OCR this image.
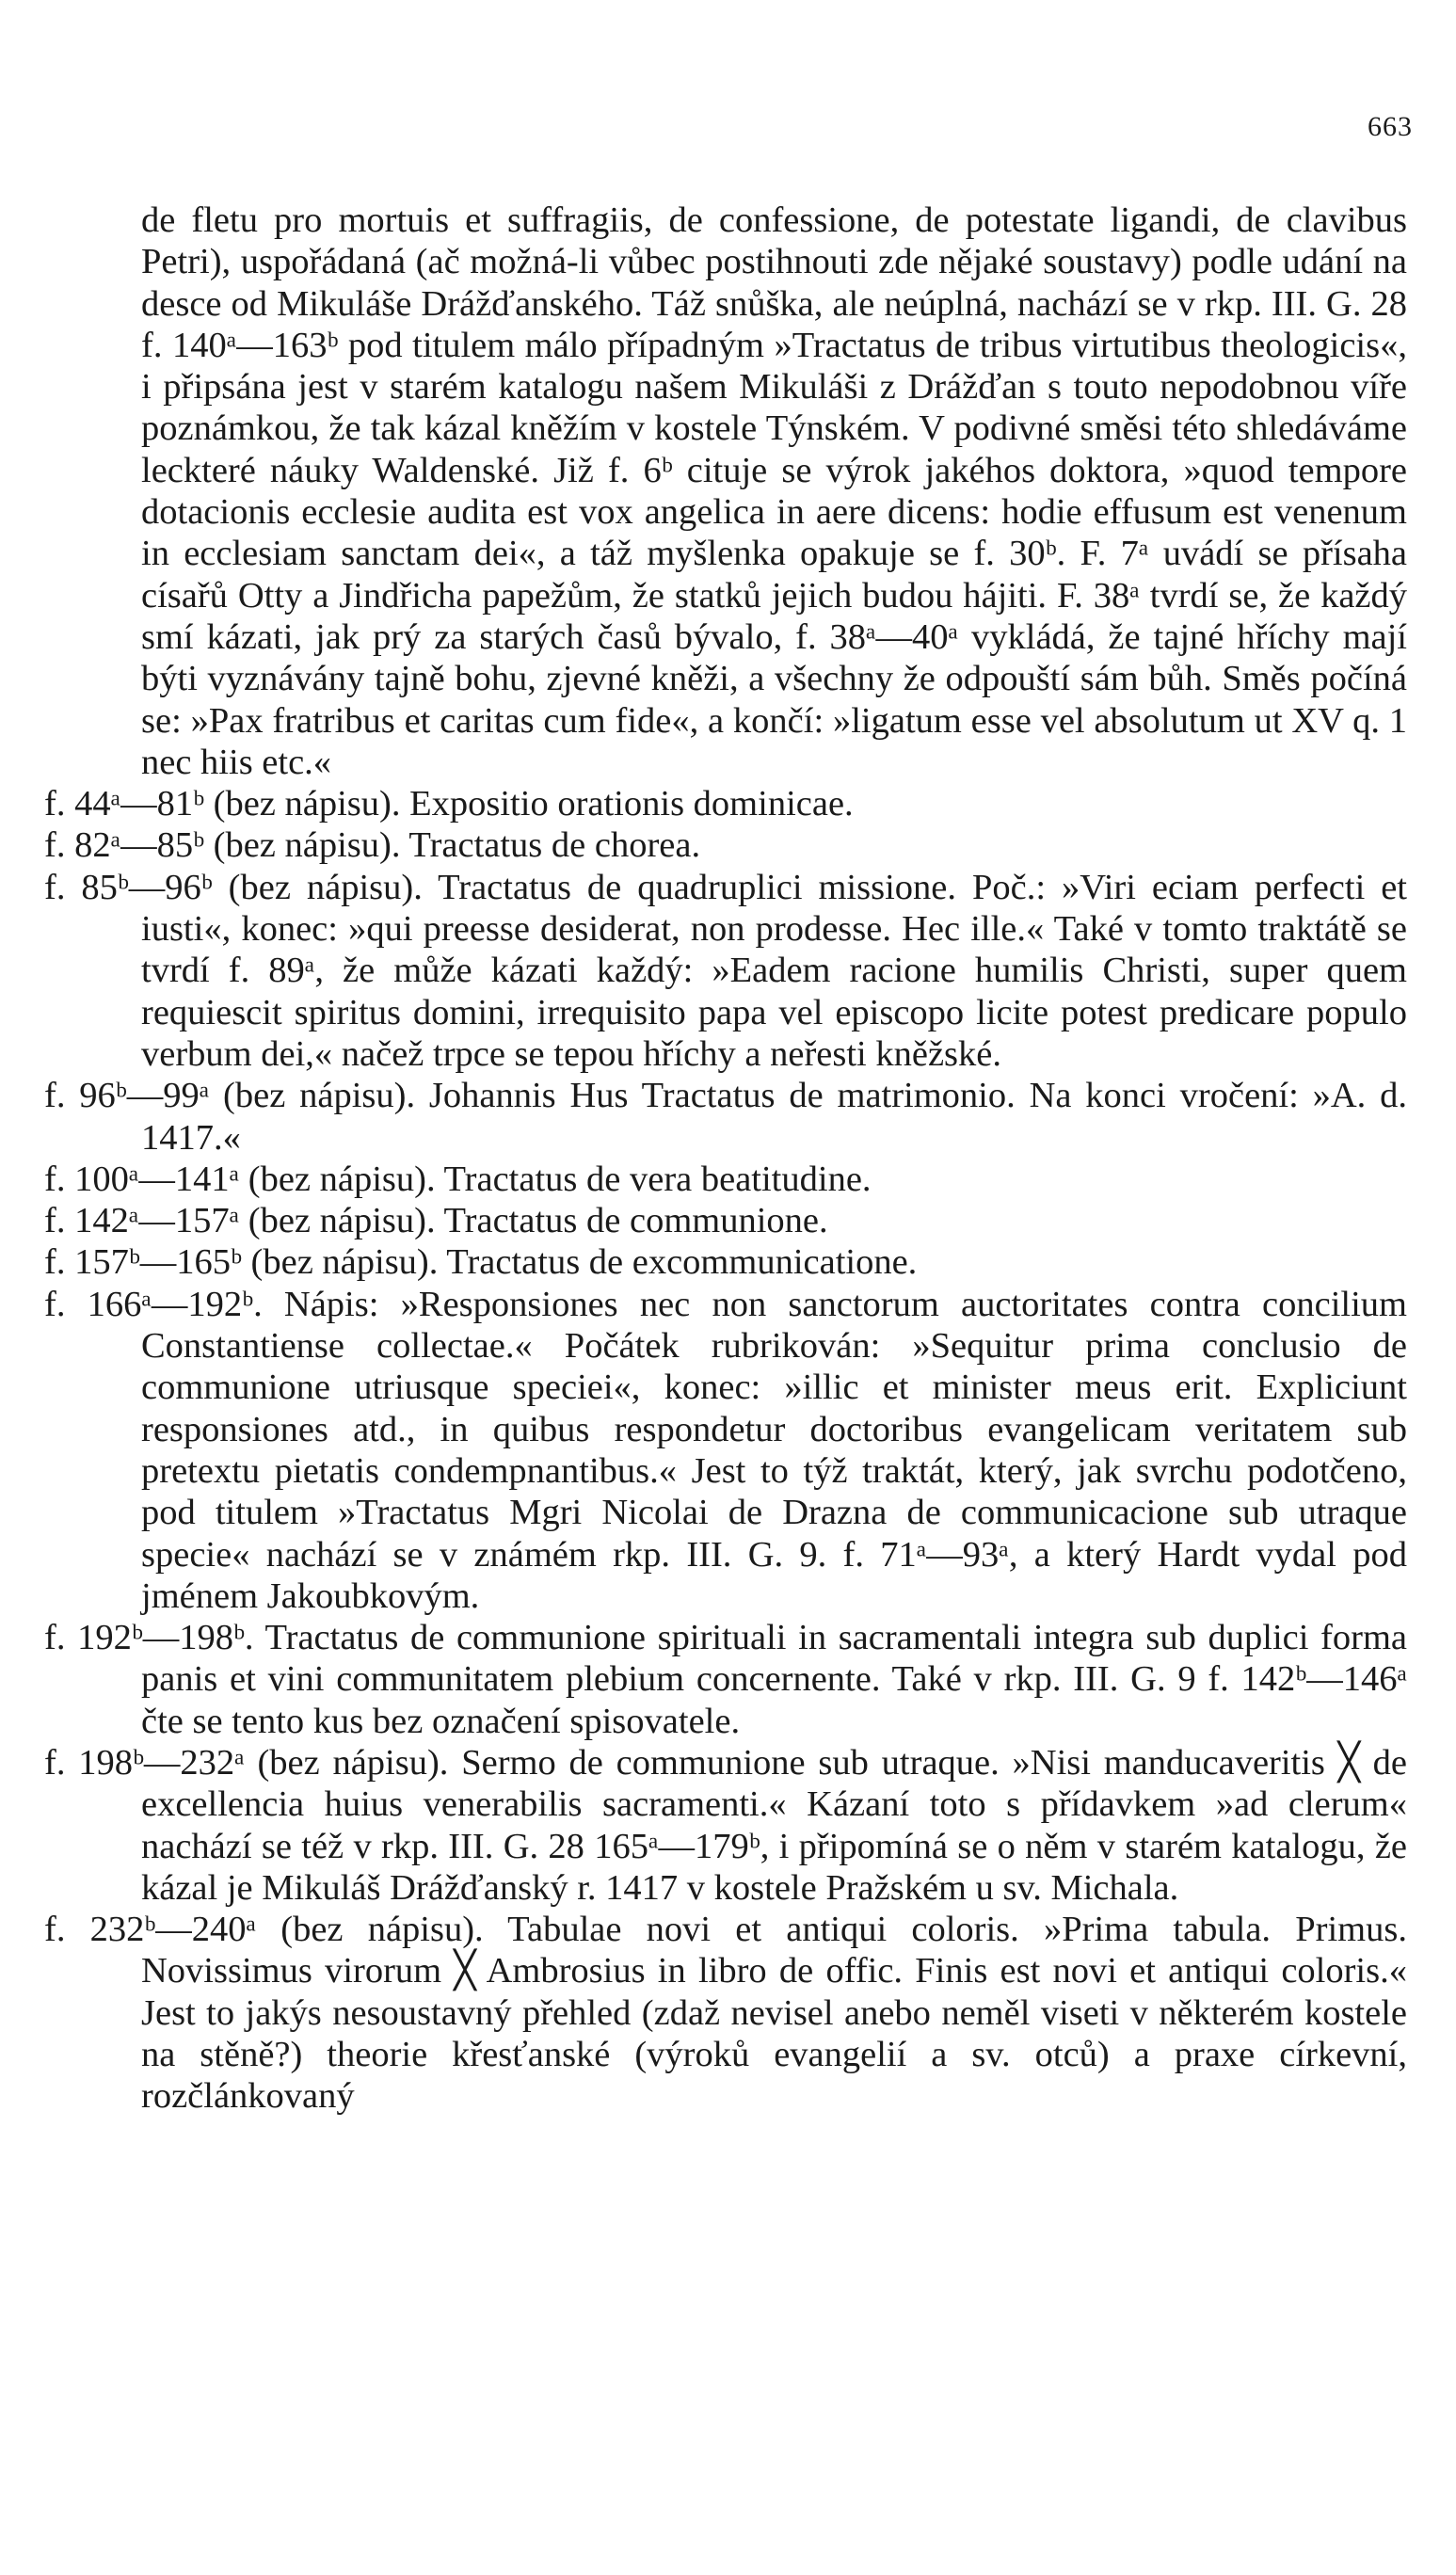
663

de fletu pro mortuis et suffragiis, de confessione, de potestate ligandi, de clavibus Petri), uspořádaná (ač možná-li vůbec postihnouti zde nějaké soustavy) podle udání na desce od Mikuláše Drážďanského. Táž snůška, ale neúplná, nachází se v rkp. III. G. 28 f. 140ᵃ—163ᵇ pod titulem málo případným »Tractatus de tribus virtutibus theologicis«, i připsána jest v starém katalogu našem Mikuláši z Drážďan s touto nepodobnou víře poznámkou, že tak kázal kněžím v kostele Týnském. V podivné směsi této shledáváme leckteré náuky Waldenské. Již f. 6ᵇ cituje se výrok jakéhos doktora, »quod tempore dotacionis ecclesie audita est vox angelica in aere dicens: hodie effusum est venenum in ecclesiam sanctam dei«, a táž myšlenka opakuje se f. 30ᵇ. F. 7ᵃ uvádí se přísaha císařů Otty a Jindřicha papežům, že statků jejich budou hájiti. F. 38ᵃ tvrdí se, že každý smí kázati, jak prý za starých časů bývalo, f. 38ᵃ—40ᵃ vykládá, že tajné hříchy mají býti vyznávány tajně bohu, zjevné kněži, a všechny že odpouští sám bůh. Směs počíná se: »Pax fratribus et caritas cum fide«, a končí: »ligatum esse vel absolutum ut XV q. 1 nec hiis etc.«

f. 44ᵃ—81ᵇ (bez nápisu). Expositio orationis dominicae.

f. 82ᵃ—85ᵇ (bez nápisu). Tractatus de chorea.

f. 85ᵇ—96ᵇ (bez nápisu). Tractatus de quadruplici missione. Poč.: »Viri eciam perfecti et iusti«, konec: »qui preesse desiderat, non prodesse. Hec ille.« Také v tomto traktátě se tvrdí f. 89ᵃ, že může kázati každý: »Eadem racione humilis Christi, super quem requiescit spiritus domini, irrequisito papa vel episcopo licite potest predicare populo verbum dei,« načež trpce se tepou hříchy a neřesti kněžské.

f. 96ᵇ—99ᵃ (bez nápisu). Johannis Hus Tractatus de matrimonio. Na konci vročení: »A. d. 1417.«

f. 100ᵃ—141ᵃ (bez nápisu). Tractatus de vera beatitudine.

f. 142ᵃ—157ᵃ (bez nápisu). Tractatus de communione.

f. 157ᵇ—165ᵇ (bez nápisu). Tractatus de excommunicatione.

f. 166ᵃ—192ᵇ. Nápis: »Responsiones nec non sanctorum auctoritates contra concilium Constantiense collectae.« Počátek rubrikován: »Sequitur prima conclusio de communione utriusque speciei«, konec: »illic et minister meus erit. Expliciunt responsiones atd., in quibus respondetur doctoribus evangelicam veritatem sub pretextu pietatis condempnantibus.« Jest to týž traktát, který, jak svrchu podotčeno, pod titulem »Tractatus Mgri Nicolai de Drazna de communicacione sub utraque specie« nachází se v známém rkp. III. G. 9. f. 71ᵃ—93ᵃ, a který Hardt vydal pod jménem Jakoubkovým.

f. 192ᵇ—198ᵇ. Tractatus de communione spirituali in sacramentali integra sub duplici forma panis et vini communitatem plebium concernente. Také v rkp. III. G. 9 f. 142ᵇ—146ᵃ čte se tento kus bez označení spisovatele.

f. 198ᵇ—232ᵃ (bez nápisu). Sermo de communione sub utraque. »Nisi manducaveritis ╳ de excellencia huius venerabilis sacramenti.« Kázaní toto s přídavkem »ad clerum« nachází se též v rkp. III. G. 28 165ᵃ—179ᵇ, i připomíná se o něm v starém katalogu, že kázal je Mikuláš Drážďanský r. 1417 v kostele Pražském u sv. Michala.

f. 232ᵇ—240ᵃ (bez nápisu). Tabulae novi et antiqui coloris. »Prima tabula. Primus. Novissimus virorum ╳ Ambrosius in libro de offic. Finis est novi et antiqui coloris.« Jest to jakýs nesoustavný přehled (zdaž nevisel anebo neměl viseti v některém kostele na stěně?) theorie křesťanské (výroků evangelií a sv. otců) a praxe církevní, rozčlánkovaný
